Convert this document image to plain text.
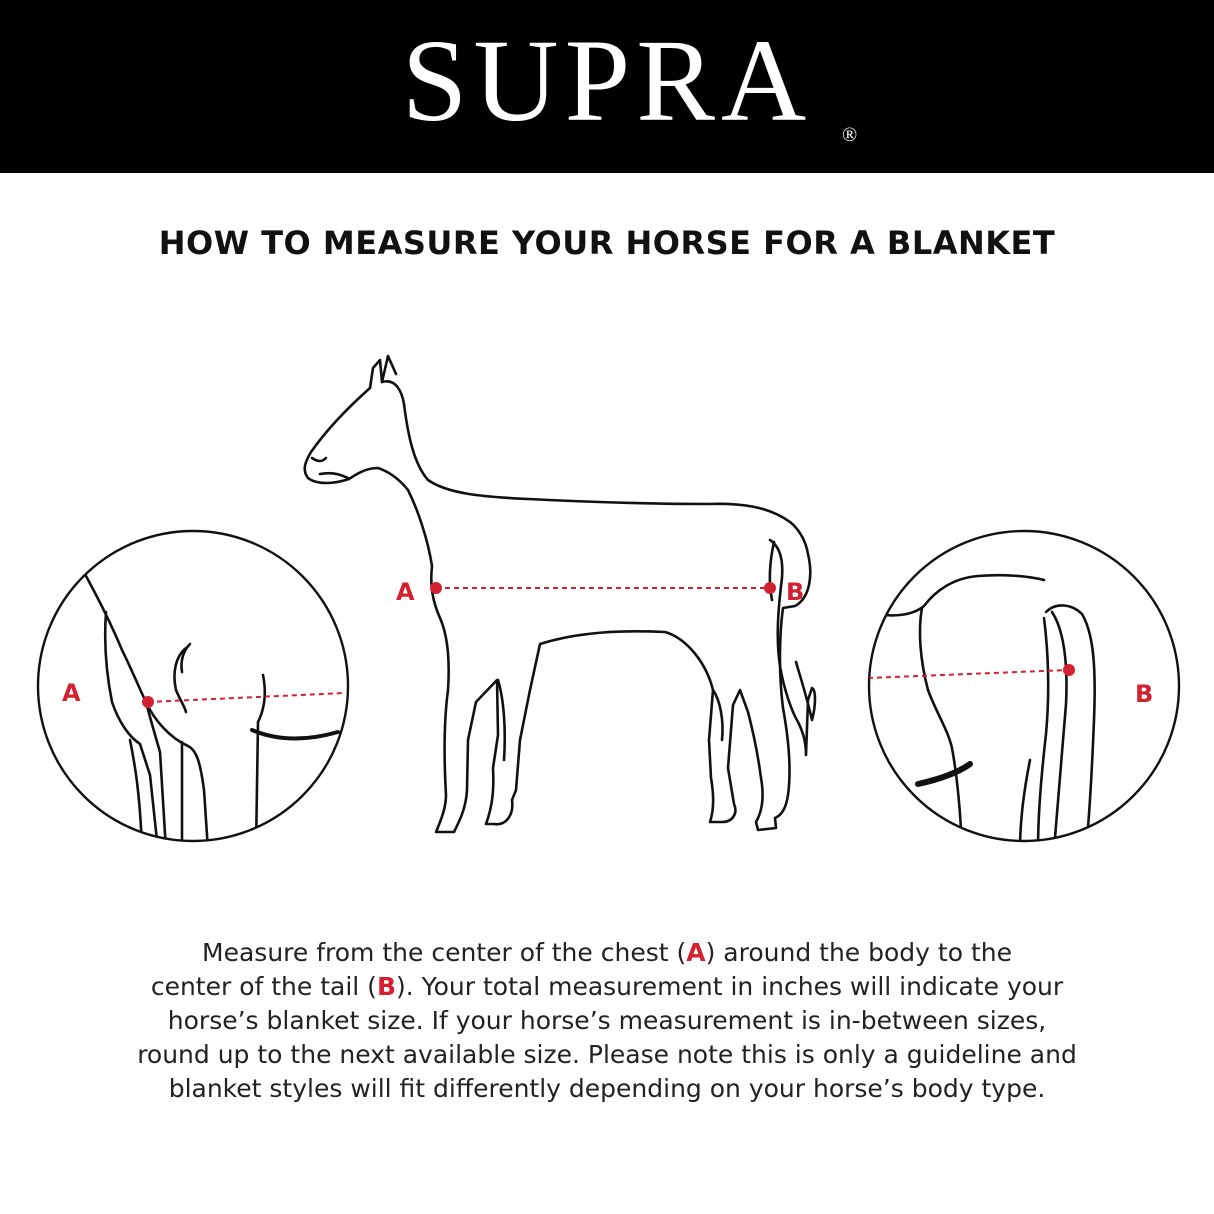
SUPRA	®
HOW TO MEASURE YOUR HORSE FOR A BLANKET
A	B
A	B
Measure from the center of the chest (A) around the body to the
center of the tail (B). Your total measurement in inches will indicate your
horse’s blanket size. If your horse’s measurement is in-between sizes,
round up to the next available size. Please note this is only a guideline and
blanket styles will fit differently depending on your horse’s body type.
